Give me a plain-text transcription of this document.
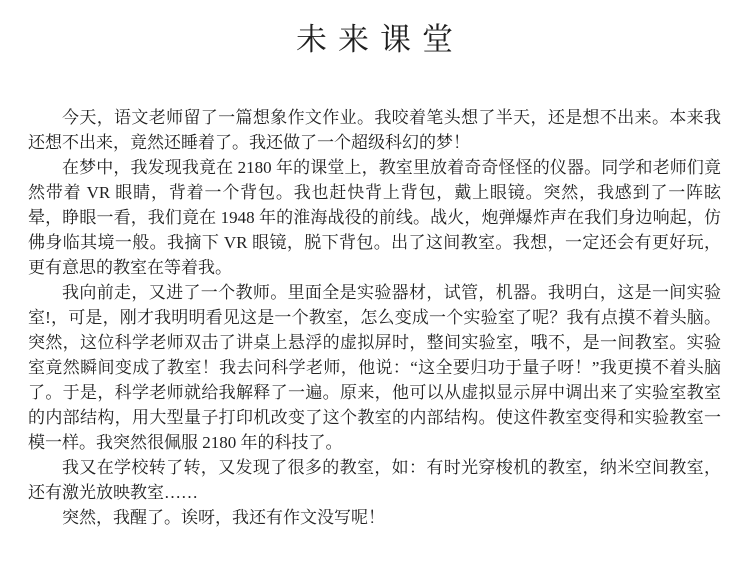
未来课堂

今天，语文老师留了一篇想象作文作业。我咬着笔头想了半天，还是想不出来。本来我还想不出来，竟然还睡着了。我还做了一个超级科幻的梦！

在梦中，我发现我竟在 2180 年的课堂上，教室里放着奇奇怪怪的仪器。同学和老师们竟然带着 VR 眼睛，背着一个背包。我也赶快背上背包，戴上眼镜。突然，我感到了一阵眩晕，睁眼一看，我们竟在 1948 年的淮海战役的前线。战火，炮弹爆炸声在我们身边响起，仿佛身临其境一般。我摘下 VR 眼镜，脱下背包。出了这间教室。我想，一定还会有更好玩，更有意思的教室在等着我。

我向前走，又进了一个教师。里面全是实验器材，试管，机器。我明白，这是一间实验室!，可是，刚才我明明看见这是一个教室，怎么变成一个实验室了呢？我有点摸不着头脑。突然，这位科学老师双击了讲桌上悬浮的虚拟屏时，整间实验室，哦不，是一间教室。实验室竟然瞬间变成了教室！我去问科学老师，他说：“这全要归功于量子呀！”我更摸不着头脑了。于是，科学老师就给我解释了一遍。原来，他可以从虚拟显示屏中调出来了实验室教室的内部结构，用大型量子打印机改变了这个教室的内部结构。使这件教室变得和实验教室一模一样。我突然很佩服 2180 年的科技了。

我又在学校转了转，又发现了很多的教室，如：有时光穿梭机的教室，纳米空间教室，还有激光放映教室……

突然，我醒了。诶呀，我还有作文没写呢！
